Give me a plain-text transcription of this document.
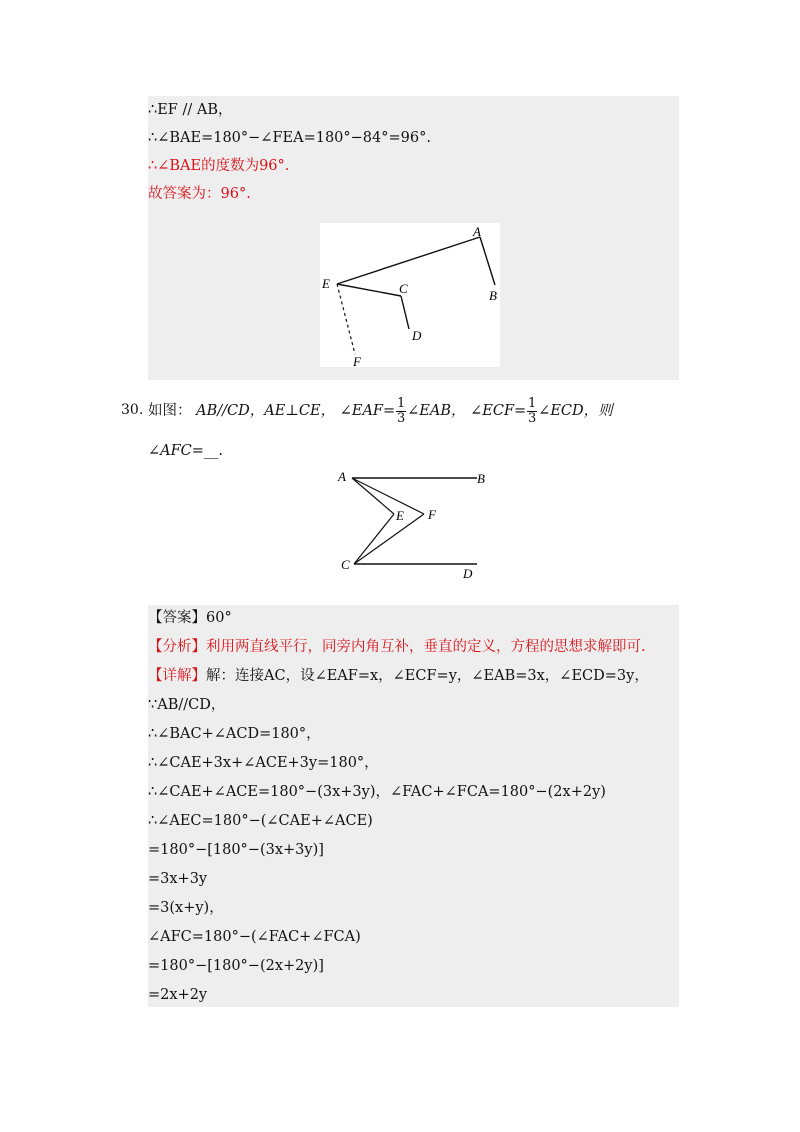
∴EF // AB，
∴∠BAE=180°−∠FEA=180°−84°=96°.
∴∠BAE的度数为96°.
故答案为：96°.
A
B
C
D
E
F
30. 如图： AB//CD，AE⊥CE， ∠EAF= $\frac{1}{3}$ ∠EAB， ∠ECF= $\frac{1}{3}$ ∠ECD，则
∠AFC=__.
A	B
C
D
E F
【答案】60°
【分析】利用两直线平行，同旁内角互补，垂直的定义，方程的思想求解即可.
【详解】解：连接AC，设∠EAF=x，∠ECF=y，∠EAB=3x，∠ECD=3y，
∵AB//CD，
∴∠BAC+∠ACD=180°，
∴∠CAE+3x+∠ACE+3y=180°，
∴∠CAE+∠ACE=180°−(3x+3y)，∠FAC+∠FCA=180°−(2x+2y)
∴∠AEC=180°−(∠CAE+∠ACE)
=180°−[180°−(3x+3y)]
=3x+3y
=3(x+y)，
∠AFC=180°−(∠FAC+∠FCA)
=180°−[180°−(2x+2y)]
=2x+2y
